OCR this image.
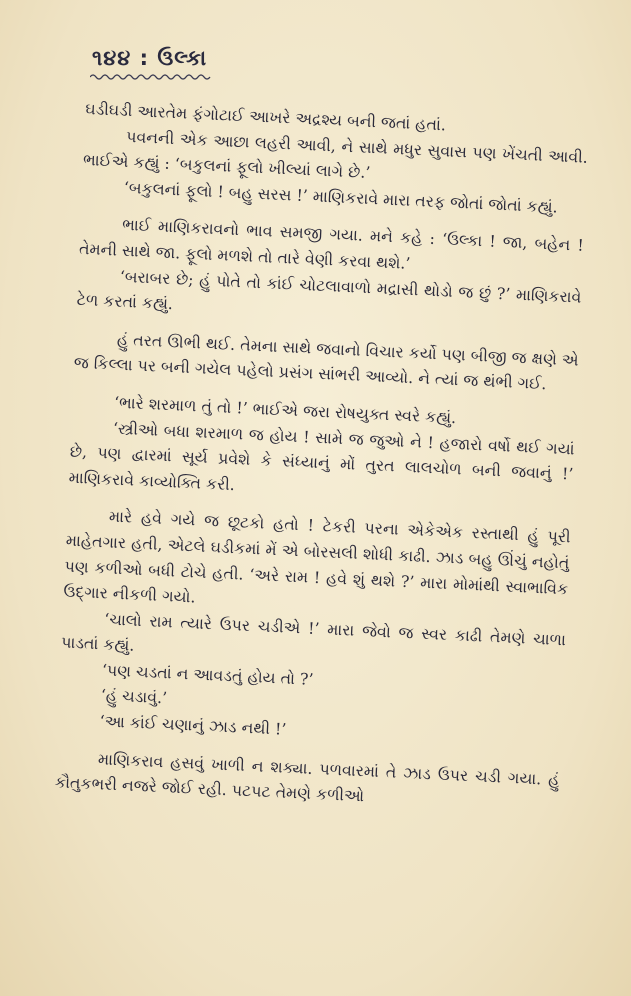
૧૪૪ : ઉલ્કા

ઘડીઘડી આરતેમ ફંગોટાઈ આખરે અદ્રશ્ય બની જતાં હતાં.

પવનની એક આછા લહરી આવી, ને સાથે મધુર સુવાસ પણ ખેંચતી આવી. ભાઈએ કહ્યું : ‘બકુલનાં ફૂલો ખીલ્યાં લાગે છે.’

‘બકુલનાં ફૂલો ! બહુ સરસ !’ માણિકરાવે મારા તરફ જોતાં જોતાં કહ્યું.

ભાઈ માણિકરાવનો ભાવ સમજી ગયા. મને કહે : ‘ઉલ્કા ! જા, બહેન ! તેમની સાથે જા. ફૂલો મળશે તો તારે વેણી કરવા થશે.’

‘બરાબર છે; હું પોતે તો કાંઈ ચોટલાવાળો મદ્રાસી થોડો જ છું ?’ માણિકરાવે ટેળ કરતાં કહ્યું.

હું તરત ઊભી થઈ. તેમના સાથે જવાનો વિચાર કર્યો પણ બીજી જ ક્ષણે એ જ કિલ્લા પર બની ગયેલ પહેલો પ્રસંગ સાંભરી આવ્યો. ને ત્યાં જ થંભી ગઈ.

‘ભારે શરમાળ તું તો !’ ભાઈએ જરા રોષયુક્ત સ્વરે કહ્યું.

‘સ્ત્રીઓ બધા શરમાળ જ હોય ! સામે જ જુઓ ને ! હજારો વર્ષો થઈ ગયાં છે, પણ દ્વારમાં સૂર્ય પ્રવેશે કે સંધ્યાનું મોં તુરત લાલચોળ બની જવાનું !’ માણિકરાવે કાવ્યોક્તિ કરી.

મારે હવે ગયે જ છૂટકો હતો ! ટેકરી પરના એકેએક રસ્તાથી હું પૂરી માહેતગાર હતી, એટલે ઘડીકમાં મેં એ બોરસલી શોધી કાઢી. ઝાડ બહુ ઊંચું નહોતું પણ કળીઓ બધી ટોચે હતી. ‘અરે રામ ! હવે શું થશે ?’ મારા મોમાંથી સ્વાભાવિક ઉદ્ગાર નીકળી ગયો.

‘ચાલો રામ ત્યારે ઉપર ચડીએ !’ મારા જેવો જ સ્વર કાઢી તેમણે ચાળા પાડતાં કહ્યું.

‘પણ ચડતાં ન આવડતું હોય તો ?’

‘હું ચડાવું.’

‘આ કાંઈ ચણાનું ઝાડ નથી !’

માણિકરાવ હસવું ખાળી ન શક્યા. પળવારમાં તે ઝાડ ઉપર ચડી ગયા. હું કૌતુકભરી નજરે જોઈ રહી. પટપટ તેમણે કળીઓ
